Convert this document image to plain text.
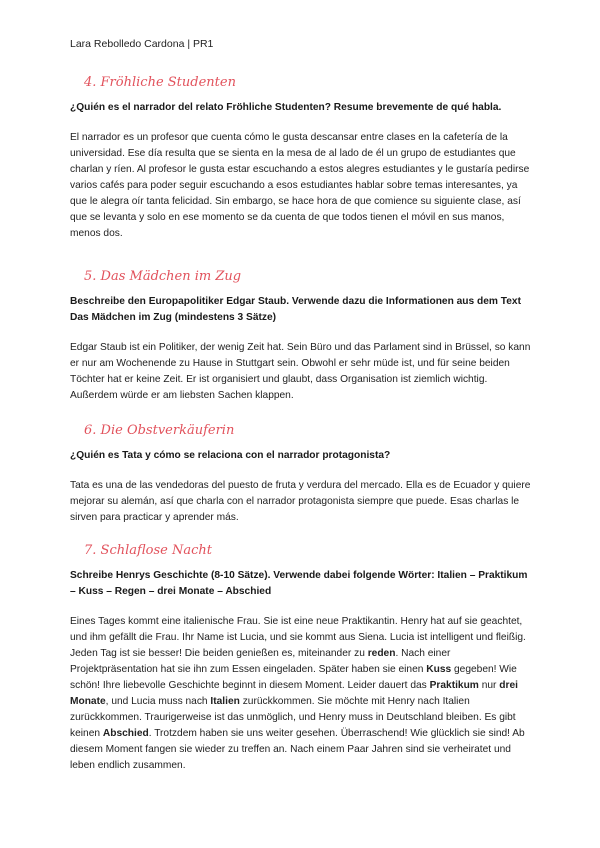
Lara Rebolledo Cardona | PR1
4. Fröhliche Studenten
¿Quién es el narrador del relato Fröhliche Studenten? Resume brevemente de qué habla.
El narrador es un profesor que cuenta cómo le gusta descansar entre clases en la cafetería de la universidad. Ese día resulta que se sienta en la mesa de al lado de él un grupo de estudiantes que charlan y ríen. Al profesor le gusta estar escuchando a estos alegres estudiantes y le gustaría pedirse varios cafés para poder seguir escuchando a esos estudiantes hablar sobre temas interesantes, ya que le alegra oír tanta felicidad. Sin embargo, se hace hora de que comience su siguiente clase, así que se levanta y solo en ese momento se da cuenta de que todos tienen el móvil en sus manos, menos dos.
5. Das Mädchen im Zug
Beschreibe den Europapolitiker Edgar Staub. Verwende dazu die Informationen aus dem Text Das Mädchen im Zug (mindestens 3 Sätze)
Edgar Staub ist ein Politiker, der wenig Zeit hat. Sein Büro und das Parlament sind in Brüssel, so kann er nur am Wochenende zu Hause in Stuttgart sein. Obwohl er sehr müde ist, und für seine beiden Töchter hat er keine Zeit. Er ist organisiert und glaubt, dass Organisation ist ziemlich wichtig. Außerdem würde er am liebsten Sachen klappen.
6. Die Obstverkäuferin
¿Quién es Tata y cómo se relaciona con el narrador protagonista?
Tata es una de las vendedoras del puesto de fruta y verdura del mercado. Ella es de Ecuador y quiere mejorar su alemán, así que charla con el narrador protagonista siempre que puede. Esas charlas le sirven para practicar y aprender más.
7. Schlaflose Nacht
Schreibe Henrys Geschichte (8-10 Sätze). Verwende dabei folgende Wörter: Italien – Praktikum – Kuss – Regen – drei Monate – Abschied
Eines Tages kommt eine italienische Frau. Sie ist eine neue Praktikantin. Henry hat auf sie geachtet, und ihm gefällt die Frau. Ihr Name ist Lucia, und sie kommt aus Siena. Lucia ist intelligent und fleißig. Jeden Tag ist sie besser! Die beiden genießen es, miteinander zu reden. Nach einer Projektpräsentation hat sie ihn zum Essen eingeladen. Später haben sie einen Kuss gegeben! Wie schön! Ihre liebevolle Geschichte beginnt in diesem Moment. Leider dauert das Praktikum nur drei Monate, und Lucia muss nach Italien zurückkommen. Sie möchte mit Henry nach Italien zurückkommen. Traurigerweise ist das unmöglich, und Henry muss in Deutschland bleiben. Es gibt keinen Abschied. Trotzdem haben sie uns weiter gesehen. Überraschend! Wie glücklich sie sind! Ab diesem Moment fangen sie wieder zu treffen an. Nach einem Paar Jahren sind sie verheiratet und leben endlich zusammen.
